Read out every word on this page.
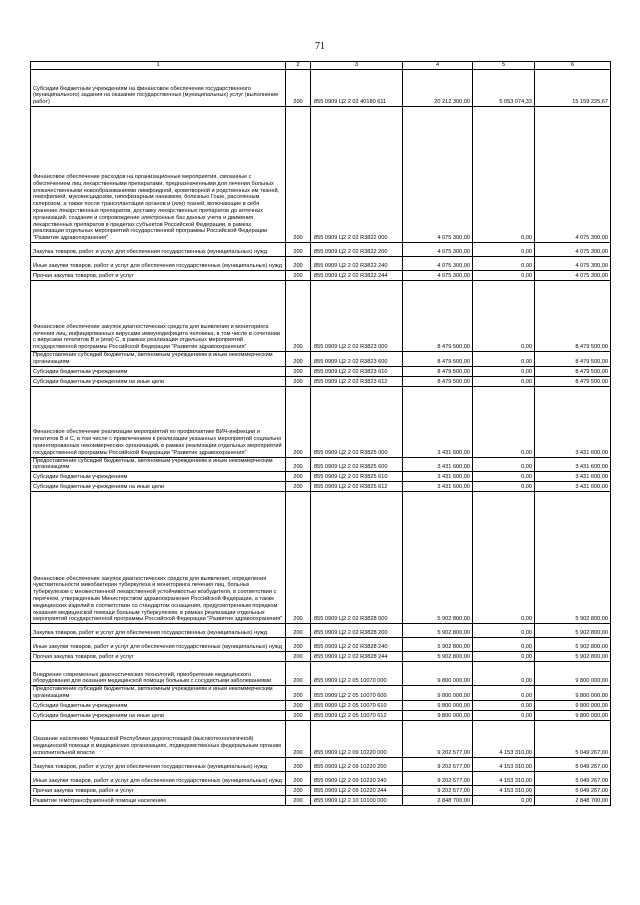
71
1	2	3	4	5	6
Субсидии бюджетным учреждениям на финансовое обеспечение государственного (муниципального) задания на оказание государственных (муниципальных) услуг (выполнение работ)	200	855 0909 Ц2 2 02 40180 611	20 212 300,00	5 053 074,33	15 159 225,67
Финансовое обеспечение расходов на организационные мероприятия, связанные с обеспечением лиц лекарственными препаратами, предназначенными для лечения больных злокачественными новообразованиями лимфоидной, кроветворной и родственных им тканей, гемофилией, муковисцидозом, гипофизарным нанизмом, болезнью Гоше, рассеянным склерозом, а также после трансплантации органов и (или) тканей, включающие в себя хранение лекарственных препаратов, доставку лекарственных препаратов до аптечных организаций, создание и сопровождение электронных баз данных учета и движения лекарственных препаратов в пределах субъектов Российской Федерации, в рамках реализации отдельных мероприятий государственной программы Российской Федерации "Развитие здравоохранения"	200	855 0909 Ц2 2 02 R3822 000	4 075 300,00	0,00	4 075 300,00
Закупка товаров, работ и услуг для обеспечения государственных (муниципальных) нужд	200	855 0909 Ц2 2 02 R3822 200	4 075 300,00	0,00	4 075 300,00
Иные закупки товаров, работ и услуг для обеспечения государственных (муниципальных) нужд	200	855 0909 Ц2 2 02 R3822 240	4 075 300,00	0,00	4 075 300,00
Прочая закупка товаров, работ и услуг	200	855 0909 Ц2 2 02 R3822 244	4 075 300,00	0,00	4 075 300,00
Финансовое обеспечение закупок диагностических средств для выявления и мониторинга лечения лиц, инфицированных вирусами иммунодефицита человека, в том числе в сочетании с вирусами гепатитов B и (или) C, в рамках реализации отдельных мероприятий государственной программы Российской Федерации "Развитие здравоохранения"	200	855 0909 Ц2 2 02 R3823 000	8 479 500,00	0,00	8 479 500,00
Предоставление субсидий бюджетным, автономным учреждениям и иным некоммерческим организациям	200	855 0909 Ц2 2 02 R3823 600	8 479 500,00	0,00	8 479 500,00
Субсидии бюджетным учреждениям	200	855 0909 Ц2 2 02 R3823 610	8 479 500,00	0,00	8 479 500,00
Субсидии бюджетным учреждениям на иные цели	200	855 0909 Ц2 2 02 R3823 612	8 479 500,00	0,00	8 479 500,00
Финансовое обеспечение реализации мероприятий по профилактике ВИЧ-инфекции и гепатитов B и C, в том числе с привлечением к реализации указанных мероприятий социально ориентированных некоммерческих организаций, в рамках реализации отдельных мероприятий государственной программы Российской Федерации "Развитие здравоохранения"	200	855 0909 Ц2 2 02 R3825 000	3 431 600,00	0,00	3 431 600,00
Предоставление субсидий бюджетным, автономным учреждениям и иным некоммерческим организациям	200	855 0909 Ц2 2 02 R3825 600	3 431 600,00	0,00	3 431 600,00
Субсидии бюджетным учреждениям	200	855 0909 Ц2 2 02 R3825 610	3 431 600,00	0,00	3 431 600,00
Субсидии бюджетным учреждениям на иные цели	200	855 0909 Ц2 2 02 R3825 612	3 431 600,00	0,00	3 431 600,00
Финансовое обеспечение закупок диагностических средств для выявления, определения чувствительности микобактерии туберкулеза и мониторинга лечения лиц, больных туберкулезом с множественной лекарственной устойчивостью возбудителя, в соответствии с перечнем, утвержденным Министерством здравоохранения Российской Федерации, а также медицинских изделий в соответствии со стандартом оснащения, предусмотренным порядком оказания медицинской помощи больным туберкулезом, в рамках реализации отдельных мероприятий государственной программы Российской Федерации "Развитие здравоохранения"	200	855 0909 Ц2 2 02 R3828 000	5 902 800,00	0,00	5 902 800,00
Закупка товаров, работ и услуг для обеспечения государственных (муниципальных) нужд	200	855 0909 Ц2 2 02 R3828 200	5 902 800,00	0,00	5 902 800,00
Иные закупки товаров, работ и услуг для обеспечения государственных (муниципальных) нужд	200	855 0909 Ц2 2 02 R3828 240	5 902 800,00	0,00	5 902 800,00
Прочая закупка товаров, работ и услуг	200	855 0909 Ц2 2 02 R3828 244	5 902 800,00	0,00	5 902 800,00
Внедрение современных диагностических технологий, приобретение медицинского оборудования для оказания медицинской помощи больным с сосудистыми заболеваниями	200	855 0909 Ц2 2 05 10070 000	9 800 000,00	0,00	9 800 000,00
Предоставление субсидий бюджетным, автономным учреждениям и иным некоммерческим организациям	200	855 0909 Ц2 2 05 10070 600	9 800 000,00	0,00	9 800 000,00
Субсидии бюджетным учреждениям	200	855 0909 Ц2 2 05 10070 610	9 800 000,00	0,00	9 800 000,00
Субсидии бюджетным учреждениям на иные цели	200	855 0909 Ц2 2 05 10070 612	9 800 000,00	0,00	9 800 000,00
Оказание населению Чувашской Республики дорогостоящей (высокотехнологичной) медицинской помощи в медицинских организациях, подведомственных федеральным органам исполнительной власти	200	855 0909 Ц2 2 09 10220 000	9 202 577,00	4 153 310,00	5 049 267,00
Закупка товаров, работ и услуг для обеспечения государственных (муниципальных) нужд	200	855 0909 Ц2 2 09 10220 200	9 202 577,00	4 153 310,00	5 049 267,00
Иные закупки товаров, работ и услуг для обеспечения государственных (муниципальных) нужд	200	855 0909 Ц2 2 09 10220 240	9 202 577,00	4 153 310,00	5 049 267,00
Прочая закупка товаров, работ и услуг	200	855 0909 Ц2 2 09 10220 244	9 202 577,00	4 153 310,00	5 049 267,00
Развитие гемотрансфузионной помощи населению	200	855 0909 Ц2 2 10 10100 000	2 848 700,00	0,00	2 848 700,00
